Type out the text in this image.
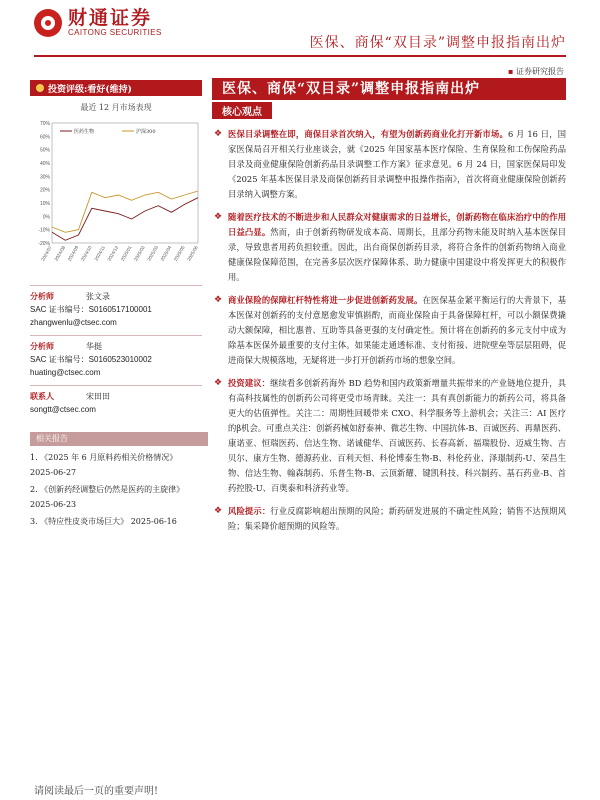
财通证券
CAITONG SECURITIES
医保、商保“双目录”调整申报指南出炉
▪ 证券研究报告
投资评级:看好(维持)
最近 12 月市场表现
-20%
-10%
0%
10%
20%
30%
40%
50%
60%
70%
2024/07 2024/08 2024/09 2024/10 2024/11 2024/12 2025/01 2025/02 2025/03 2025/04 2025/05 2025/06
医药生物	沪深300
分析师	张文录
SAC 证书编号：S0160517100001
zhangwenlu@ctsec.com
分析师	华挺
SAC 证书编号：S0160523010002
huating@ctsec.com
联系人	宋田田
songtt@ctsec.com
相关报告
1. 《2025 年 6 月原料药相关价格情况》 2025-06-27
2. 《创新药经调整后仍然是医药的主旋律》 2025-06-23
3. 《特应性皮炎市场巨大》 2025-06-16
医保、商保“双目录”调整申报指南出炉
核心观点
❖ 医保目录调整在即，商保目录首次纳入，有望为创新药商业化打开新市场。6 月 16 日，国家医保局召开相关行业座谈会，就《2025 年国家基本医疗保险、生育保险和工伤保险药品目录及商业健康保险创新药品目录调整工作方案》征求意见。6 月 24 日，国家医保局印发《2025 年基本医保目录及商保创新药目录调整申报操作指南》，首次将商业健康保险创新药目录纳入调整方案。
❖ 随着医疗技术的不断进步和人民群众对健康需求的日益增长，创新药物在临床治疗中的作用日益凸显。然而，由于创新药物研发成本高、周期长，且部分药物未能及时纳入基本医保目录，导致患者用药负担较重。因此，出台商保创新药目录，将符合条件的创新药物纳入商业健康保险保障范围，在完善多层次医疗保障体系、助力健康中国建设中将发挥更大的积极作用。
❖ 商业保险的保障杠杆特性将进一步促进创新药发展。在医保基金紧平衡运行的大背景下，基本医保对创新药的支付意愿愈发审慎斟酌，而商业保险由于具备保障杠杆，可以小额保费撬动大额保障，相比惠普、互助等具备更强的支付确定性。预计将在创新药的多元支付中成为除基本医保外最重要的支付主体。如果能走通透标准、支付衔接、进院壁垒等层层阻碍，促进商保大规模落地，无疑将进一步打开创新药市场的想象空间。
❖ 投资建议：继续看多创新药海外 BD 趋势和国内政策新增量共振带来的产业链地位提升，具有高科技属性的创新药公司将更受市场青睐。关注一：具有真创新能力的新药公司，将具备更大的估值弹性。关注二：周期性回暖带来 CXO、科学服务等上游机会；关注三：AI 医疗的β机会。可重点关注：创新药械如舒泰神、微芯生物、中国抗体-B、百诚医药、再鼎医药、康诺亚、恒瑞医药、信达生物、诺诚健华、百诚医药、长春高新、福瑞股份、迈威生物、吉贝尔、康方生物、德源药业、百利天恒、科伦博泰生物-B、科伦药业、泽璟制药-U、荣昌生物、信达生物、翰森制药、乐普生物-B、云顶新耀、键凯科技、科兴制药、基石药业-B、首药控股-U、百奥泰和科济药业等。
❖ 风险提示：行业反腐影响超出预期的风险；新药研发进展的不确定性风险；销售不达预期风险；集采降价超预期的风险等。
请阅读最后一页的重要声明!
